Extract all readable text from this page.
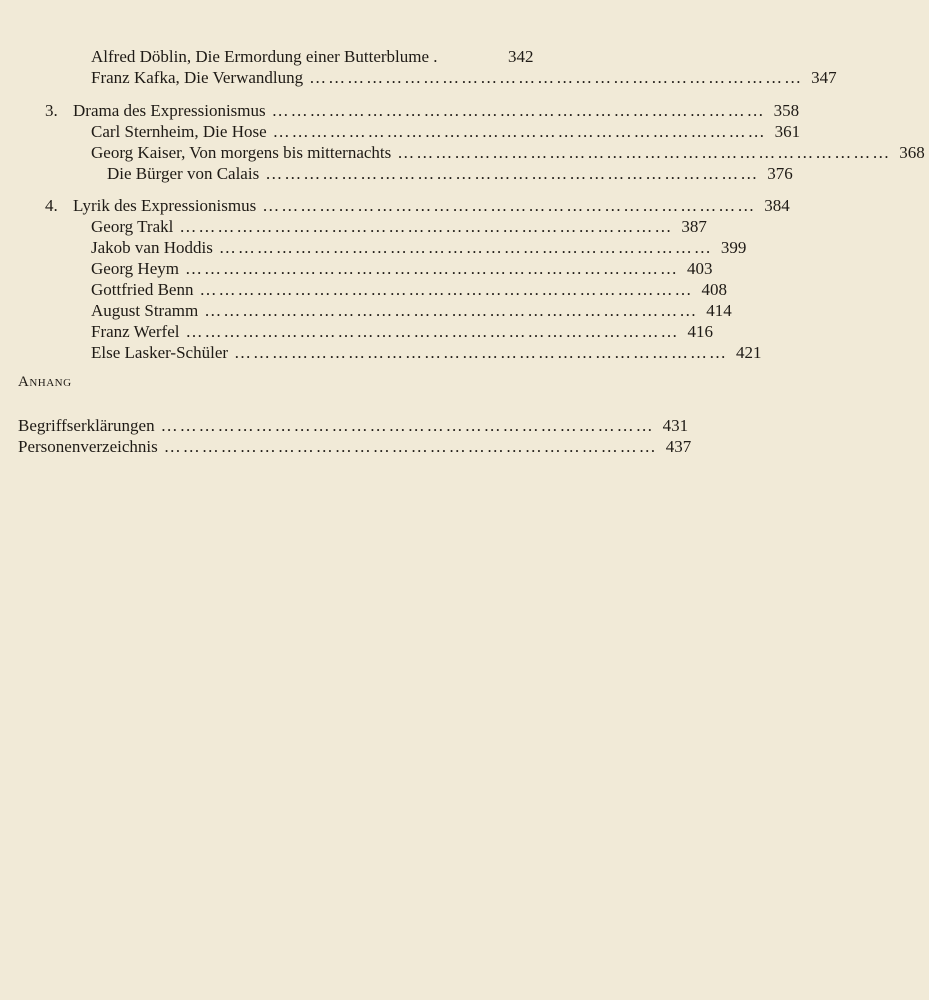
Alfred Döblin, Die Ermordung einer Butterblume .	342
Franz Kafka, Die Verwandlung …………………………………………………………………… 347
3. Drama des Expressionismus …………………………………………………………………… 358
Carl Sternheim, Die Hose …………………………………………………………………… 361
Georg Kaiser, Von morgens bis mitternachts …………………………………………………………………… 368
Die Bürger von Calais …………………………………………………………………… 376
4. Lyrik des Expressionismus …………………………………………………………………… 384
Georg Trakl …………………………………………………………………… 387
Jakob van Hoddis …………………………………………………………………… 399
Georg Heym …………………………………………………………………… 403
Gottfried Benn …………………………………………………………………… 408
August Stramm …………………………………………………………………… 414
Franz Werfel …………………………………………………………………… 416
Else Lasker-Schüler …………………………………………………………………… 421
Anhang
Begriffserklärungen …………………………………………………………………… 431
Personenverzeichnis …………………………………………………………………… 437
